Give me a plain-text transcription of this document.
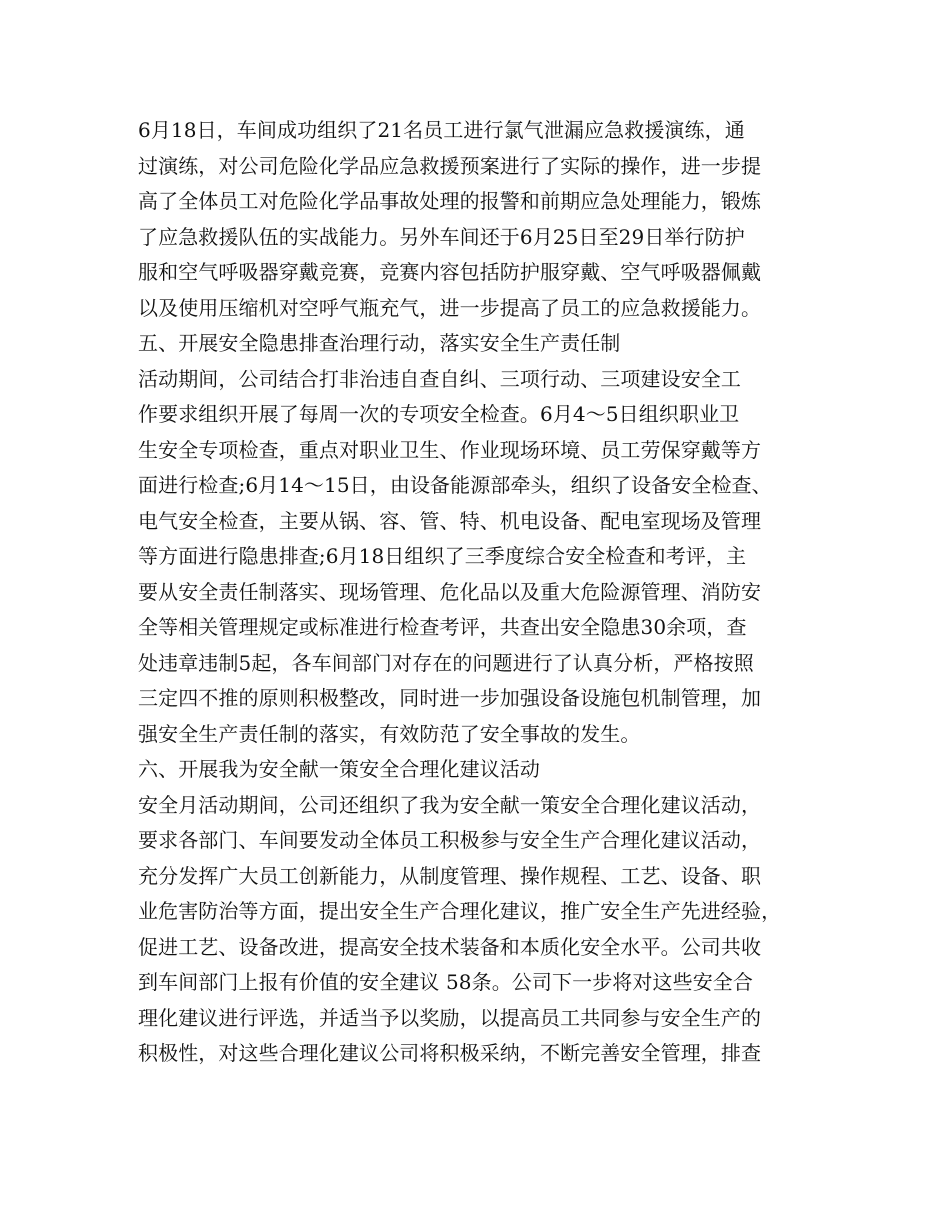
6月18日，车间成功组织了21名员工进行氯气泄漏应急救援演练，通
过演练，对公司危险化学品应急救援预案进行了实际的操作，进一步提
高了全体员工对危险化学品事故处理的报警和前期应急处理能力，锻炼
了应急救援队伍的实战能力。另外车间还于6月25日至29日举行防护
服和空气呼吸器穿戴竞赛，竞赛内容包括防护服穿戴、空气呼吸器佩戴
以及使用压缩机对空呼气瓶充气，进一步提高了员工的应急救援能力。
五、开展安全隐患排查治理行动，落实安全生产责任制
活动期间，公司结合打非治违自查自纠、三项行动、三项建设安全工
作要求组织开展了每周一次的专项安全检查。6月4～5日组织职业卫
生安全专项检查，重点对职业卫生、作业现场环境、员工劳保穿戴等方
面进行检查;6月14～15日，由设备能源部牵头，组织了设备安全检查、
电气安全检查，主要从锅、容、管、特、机电设备、配电室现场及管理
等方面进行隐患排查;6月18日组织了三季度综合安全检查和考评，主
要从安全责任制落实、现场管理、危化品以及重大危险源管理、消防安
全等相关管理规定或标准进行检查考评，共查出安全隐患30余项，查
处违章违制5起，各车间部门对存在的问题进行了认真分析，严格按照
三定四不推的原则积极整改，同时进一步加强设备设施包机制管理，加
强安全生产责任制的落实，有效防范了安全事故的发生。
六、开展我为安全献一策安全合理化建议活动
安全月活动期间，公司还组织了我为安全献一策安全合理化建议活动，
要求各部门、车间要发动全体员工积极参与安全生产合理化建议活动，
充分发挥广大员工创新能力，从制度管理、操作规程、工艺、设备、职
业危害防治等方面，提出安全生产合理化建议，推广安全生产先进经验，
促进工艺、设备改进，提高安全技术装备和本质化安全水平。公司共收
到车间部门上报有价值的安全建议 58条。公司下一步将对这些安全合
理化建议进行评选，并适当予以奖励，以提高员工共同参与安全生产的
积极性，对这些合理化建议公司将积极采纳，不断完善安全管理，排查
